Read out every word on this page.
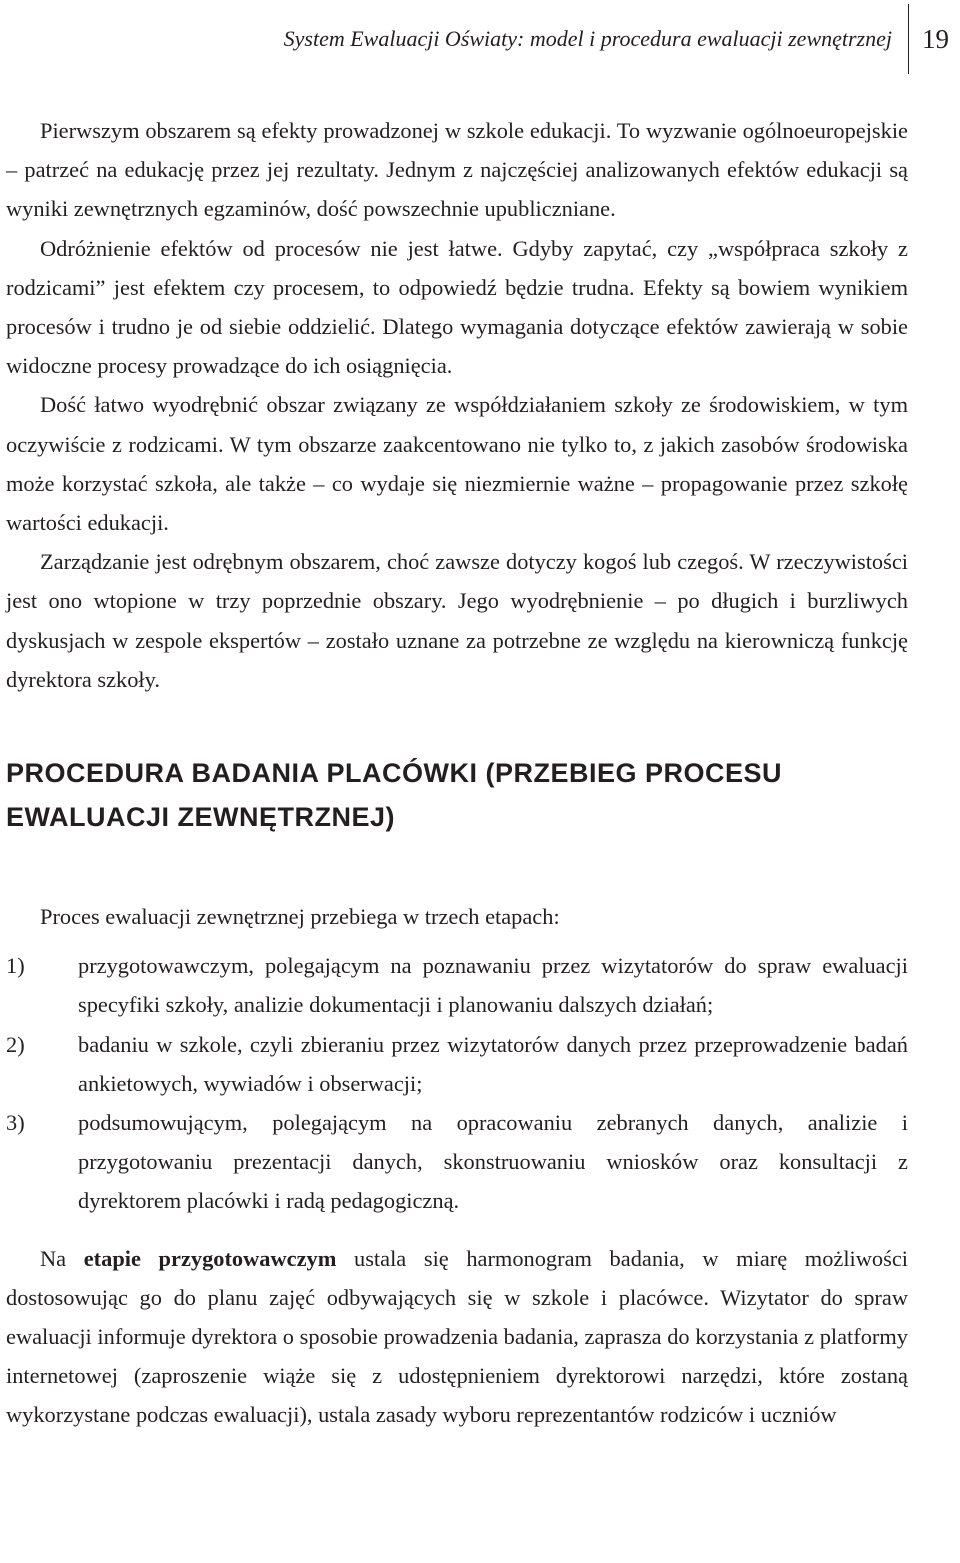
System Ewaluacji Oświaty: model i procedura ewaluacji zewnętrznej 19

Pierwszym obszarem są efekty prowadzonej w szkole edukacji. To wyzwanie ogólnoeuropejskie – patrzeć na edukację przez jej rezultaty. Jednym z najczęściej analizowanych efektów edukacji są wyniki zewnętrznych egzaminów, dość powszechnie upubliczniane.

Odróżnienie efektów od procesów nie jest łatwe. Gdyby zapytać, czy „współpraca szkoły z rodzicami” jest efektem czy procesem, to odpowiedź będzie trudna. Efekty są bowiem wynikiem procesów i trudno je od siebie oddzielić. Dlatego wymagania dotyczące efektów zawierają w sobie widoczne procesy prowadzące do ich osiągnięcia.

Dość łatwo wyodrębnić obszar związany ze współdziałaniem szkoły ze środowiskiem, w tym oczywiście z rodzicami. W tym obszarze zaakcentowano nie tylko to, z jakich zasobów środowiska może korzystać szkoła, ale także – co wydaje się niezmiernie ważne – propagowanie przez szkołę wartości edukacji.

Zarządzanie jest odrębnym obszarem, choć zawsze dotyczy kogoś lub czegoś. W rzeczywistości jest ono wtopione w trzy poprzednie obszary. Jego wyodrębnienie – po długich i burzliwych dyskusjach w zespole ekspertów – zostało uznane za potrzebne ze względu na kierowniczą funkcję dyrektora szkoły.

PROCEDURA BADANIA PLACÓWKI (PRZEBIEG PROCESU EWALUACJI ZEWNĘTRZNEJ)

Proces ewaluacji zewnętrznej przebiega w trzech etapach:

1) przygotowawczym, polegającym na poznawaniu przez wizytatorów do spraw ewaluacji specyfiki szkoły, analizie dokumentacji i planowaniu dalszych działań;
2) badaniu w szkole, czyli zbieraniu przez wizytatorów danych przez przeprowadzenie badań ankietowych, wywiadów i obserwacji;
3) podsumowującym, polegającym na opracowaniu zebranych danych, analizie i przygotowaniu prezentacji danych, skonstruowaniu wniosków oraz konsultacji z dyrektorem placówki i radą pedagogiczną.

Na etapie przygotowawczym ustala się harmonogram badania, w miarę możliwości dostosowując go do planu zajęć odbywających się w szkole i placówce. Wizytator do spraw ewaluacji informuje dyrektora o sposobie prowadzenia badania, zaprasza do korzystania z platformy internetowej (zaproszenie wiąże się z udostępnieniem dyrektorowi narzędzi, które zostaną wykorzystane podczas ewaluacji), ustala zasady wyboru reprezentantów rodziców i uczniów
